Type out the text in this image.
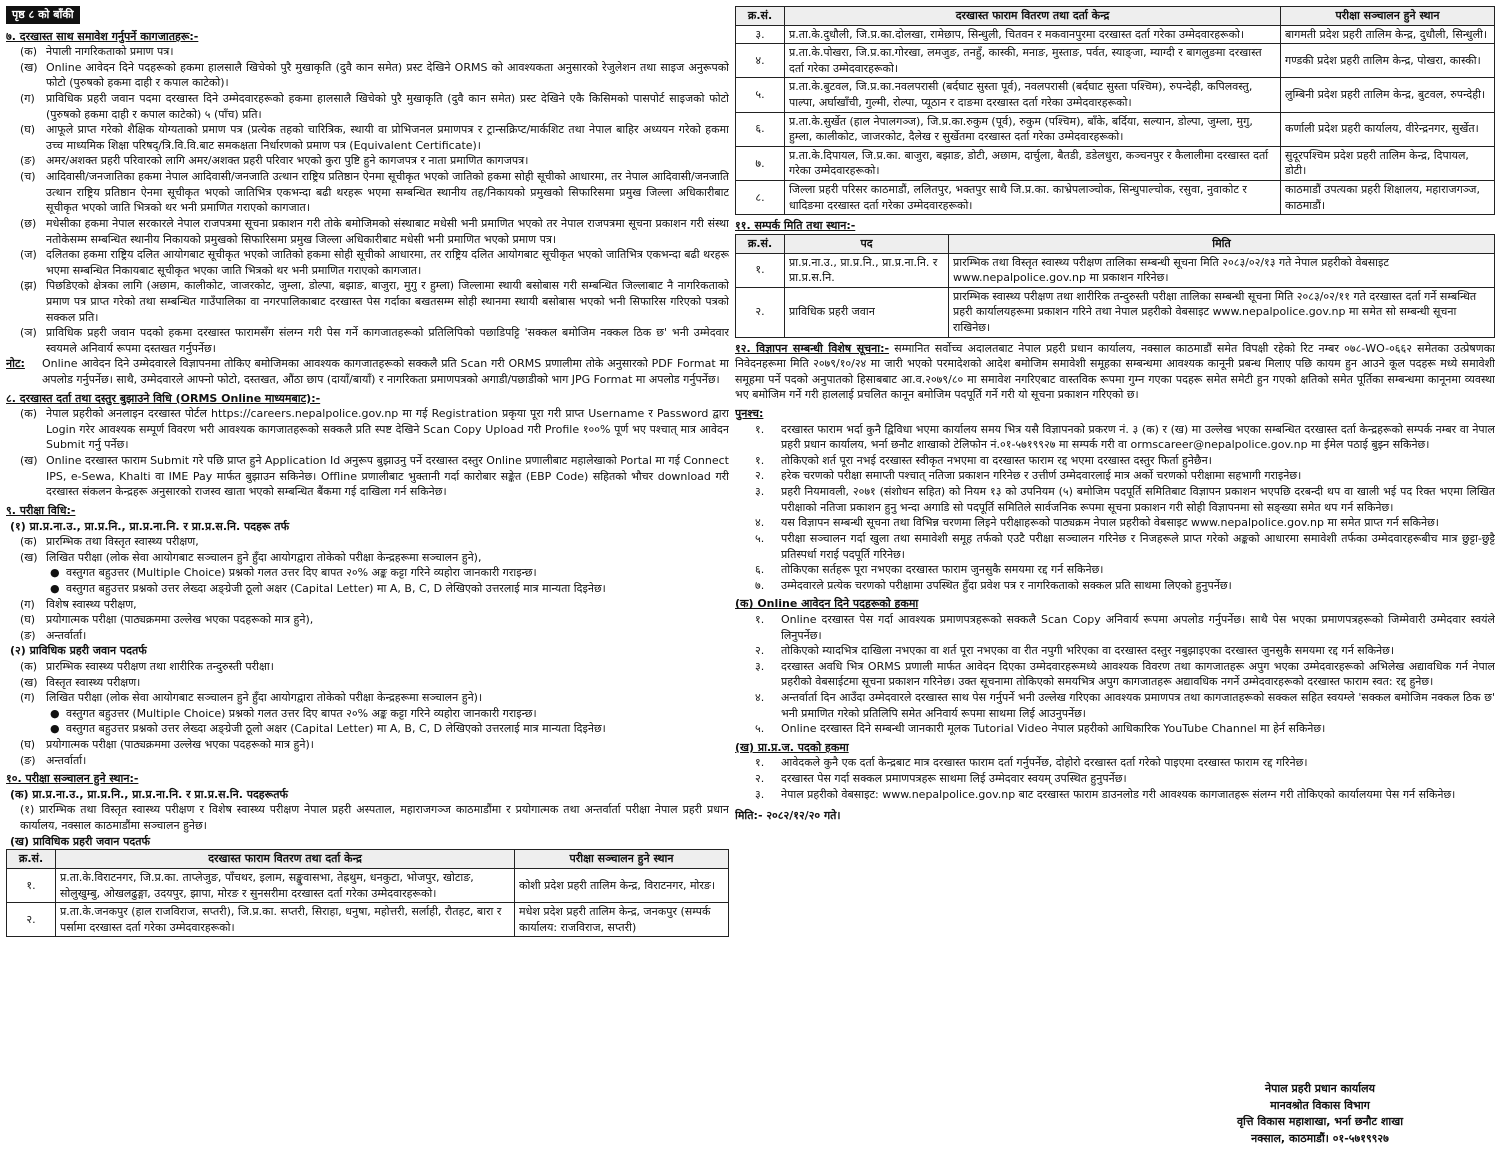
पृष्ठ ८ को बाँकी
७. दरखास्त साथ समावेश गर्नुपर्ने कागजातहरू:-
(क) नेपाली नागरिकताको प्रमाण पत्र।
(ख) Online आवेदन दिने पदहरूको हकमा हालसालै खिचेको पुरै मुखाकृति (दुवै कान समेत) प्रस्ट देखिने ORMS को आवश्यकता अनुसारको रेजुलेशन तथा साइज अनुरूपको फोटो (पुरुषको हकमा दाही र कपाल काटेको)।
(ग)	प्राविधिक प्रहरी जवान पदमा दरखास्त दिने उम्मेदवारहरूको हकमा हालसालै खिचेको पुरै मुखाकृति (दुवै कान समेत) प्रस्ट देखिने एकै किसिमको पासपोर्ट साइजको फोटो (पुरुषको हकमा दाही र कपाल काटेको) ५ (पाँच) प्रति।
(घ) आफूले प्राप्त गरेको शैक्षिक योग्यताको प्रमाण पत्र (प्रत्येक तहको चारित्रिक, स्थायी वा प्रोभिजनल प्रमाणपत्र र ट्रान्सक्रिप्ट/मार्कशिट तथा नेपाल बाहिर अध्ययन गरेको हकमा उच्च माध्यमिक शिक्षा परिषद्/त्रि.वि.वि.बाट समकक्षता निर्धारणको प्रमाण पत्र (Equivalent Certificate)।
(ङ) अमर/अशक्त प्रहरी परिवारको लागि अमर/अशक्त प्रहरी परिवार भएको कुरा पुष्टि हुने कागजपत्र र नाता प्रमाणित कागजपत्र।
(च) आदिवासी/जनजातिका हकमा नेपाल आदिवासी/जनजाति उत्थान राष्ट्रिय प्रतिष्ठान ऐनमा सूचीकृत भएको जातिको हकमा सोही सूचीको आधारमा, तर नेपाल आदिवासी/जनजाति उत्थान राष्ट्रिय प्रतिष्ठान ऐनमा सूचीकृत भएको जातिभित्र एकभन्दा बढी थरहरू भएमा सम्बन्धित स्थानीय तह/निकायको प्रमुखको सिफारिसमा प्रमुख जिल्ला अधिकारीबाट सूचीकृत भएको जाति भित्रको थर भनी प्रमाणित गराएको कागजात।
(छ) मधेसीका हकमा नेपाल सरकारले नेपाल राजपत्रमा सूचना प्रकाशन गरी तोके बमोजिमको संस्थाबाट मधेसी भनी प्रमाणित भएको तर नेपाल राजपत्रमा सूचना प्रकाशन गरी संस्था नतोकेसम्म सम्बन्धित स्थानीय निकायको प्रमुखको सिफारिसमा प्रमुख जिल्ला अधिकारीबाट मधेसी भनी प्रमाणित भएको प्रमाण पत्र।
(ज) दलितका हकमा राष्ट्रिय दलित आयोगबाट सूचीकृत भएको जातिको हकमा सोही सूचीको आधारमा, तर राष्ट्रिय दलित आयोगबाट सूचीकृत भएको जातिभित्र एकभन्दा बढी थरहरू भएमा सम्बन्धित निकायबाट सूचीकृत भएका जाति भित्रको थर भनी प्रमाणित गराएको कागजात।
(झ) पिछडिएको क्षेत्रका लागि (अछाम, कालीकोट, जाजरकोट, जुम्ला, डोल्पा, बझाङ, बाजुरा, मुगु र हुम्ला) जिल्लामा स्थायी बसोबास गरी सम्बन्धित जिल्लाबाट नै नागरिकताको प्रमाण पत्र प्राप्त गरेको तथा सम्बन्धित गाउँपालिका वा नगरपालिकाबाट दरखास्त पेस गर्दाका बखतसम्म सोही स्थानमा स्थायी बसोबास भएको भनी सिफारिस गरिएको पत्रको सक्कल प्रति।
(ञ) प्राविधिक प्रहरी जवान पदको हकमा दरखास्त फारामसँग संलग्न गरी पेस गर्ने कागजातहरूको प्रतिलिपिको पछाडिपट्टि 'सक्कल बमोजिम नक्कल ठिक छ' भनी उम्मेदवार स्वयमले अनिवार्य रूपमा दस्तखत गर्नुपर्नेछ।
नोट:	Online आवेदन दिने उम्मेदवारले विज्ञापनमा तोकिए बमोजिमका आवश्यक कागजातहरूको सक्कलै प्रति Scan गरी ORMS प्रणालीमा तोके अनुसारको PDF Format मा अपलोड गर्नुपर्नेछ। साथै, उम्मेदवारले आफ्नो फोटो, दस्तखत, औंठा छाप (दायाँ/बायाँ) र नागरिकता प्रमाणपत्रको अगाडी/पछाडीको भाग JPG Format मा अपलोड गर्नुपर्नेछ।
८. दरखास्त दर्ता तथा दस्तुर बुझाउने विधि (ORMS Online माध्यमबाट):-
(क) नेपाल प्रहरीको अनलाइन दरखास्त पोर्टल https://careers.nepalpolice.gov.np मा गई Registration प्रकृया पूरा गरी प्राप्त Username र Password द्वारा Login गरेर आवश्यक सम्पूर्ण विवरण भरी आवश्यक कागजातहरूको सक्कलै प्रति स्पष्ट देखिने Scan Copy Upload गरी Profile १००% पूर्ण भए पश्चात् मात्र आवेदन Submit गर्नु पर्नेछ।
(ख) Online दरखास्त फाराम Submit गरे पछि प्राप्त हुने Application Id अनुरूप बुझाउनु पर्ने दरखास्त दस्तुर Online प्रणालीबाट महालेखाको Portal मा गई Connect IPS, e-Sewa, Khalti वा IME Pay मार्फत बुझाउन सकिनेछ। Offline प्रणालीबाट भुक्तानी गर्दा कारोबार सङ्केत (EBP Code) सहितको भौचर download गरी दरखास्त संकलन केन्द्रहरू अनुसारको राजस्व खाता भएको सम्बन्धित बैंकमा गई दाखिला गर्न सकिनेछ।
९. परीक्षा विधि:-
(१) प्रा.प्र.ना.उ., प्रा.प्र.नि., प्रा.प्र.ना.नि. र प्रा.प्र.स.नि. पदहरू तर्फ
(क) प्रारम्भिक तथा विस्तृत स्वास्थ्य परीक्षण,
(ख) लिखित परीक्षा (लोक सेवा आयोगबाट सञ्चालन हुने हुँदा आयोगद्वारा तोकेको परीक्षा केन्द्रहरूमा सञ्चालन हुने),
● वस्तुगत बहुउत्तर (Multiple Choice) प्रश्नको गलत उत्तर दिए बापत २०% अङ्क कट्टा गरिने व्यहोरा जानकारी गराइन्छ।
● वस्तुगत बहुउत्तर प्रश्नको उत्तर लेख्दा अङ्ग्रेजी ठूलो अक्षर (Capital Letter) मा A, B, C, D लेखिएको उत्तरलाई मात्र मान्यता दिइनेछ।
(ग)	विशेष स्वास्थ्य परीक्षण,
(घ) प्रयोगात्मक परीक्षा (पाठ्यक्रममा उल्लेख भएका पदहरूको मात्र हुने),
(ङ) अन्तर्वार्ता।
(२) प्राविधिक प्रहरी जवान पदतर्फ
(क) प्रारम्भिक स्वास्थ्य परीक्षण तथा शारीरिक तन्दुरुस्ती परीक्षा।
(ख) विस्तृत स्वास्थ्य परीक्षण।
(ग)	लिखित परीक्षा (लोक सेवा आयोगबाट सञ्चालन हुने हुँदा आयोगद्वारा तोकेको परीक्षा केन्द्रहरूमा सञ्चालन हुने)।
● वस्तुगत बहुउत्तर (Multiple Choice) प्रश्नको गलत उत्तर दिए बापत २०% अङ्क कट्टा गरिने व्यहोरा जानकारी गराइन्छ।
● वस्तुगत बहुउत्तर प्रश्नको उत्तर लेख्दा अङ्ग्रेजी ठूलो अक्षर (Capital Letter) मा A, B, C, D लेखिएको उत्तरलाई मात्र मान्यता दिइनेछ।
(घ) प्रयोगात्मक परीक्षा (पाठ्यक्रममा उल्लेख भएका पदहरूको मात्र हुने)।
(ङ) अन्तर्वार्ता।
१०. परीक्षा सञ्चालन हुने स्थान:-
(क) प्रा.प्र.ना.उ., प्रा.प्र.नि., प्रा.प्र.ना.नि. र प्रा.प्र.स.नि. पदहरूतर्फ
(१) प्रारम्भिक तथा विस्तृत स्वास्थ्य परीक्षण र विशेष स्वास्थ्य परीक्षण नेपाल प्रहरी अस्पताल, महाराजगञ्ज काठमाडौंमा र प्रयोगात्मक तथा अन्तर्वार्ता परीक्षा नेपाल प्रहरी प्रधान कार्यालय, नक्साल काठमाडौंमा सञ्चालन हुनेछ।
(ख) प्राविधिक प्रहरी जवान पदतर्फ
क्र.सं.	दरखास्त फाराम वितरण तथा दर्ता केन्द्र	परीक्षा सञ्चालन हुने स्थान
१.	प्र.ता.के.विराटनगर, जि.प्र.का. ताप्लेजुङ, पाँचथर, इलाम, सङ्खुवासभा, तेह्रथुम, धनकुटा, भोजपुर, खोटाङ, सोलुखुम्बु, ओखलढुङ्गा, उदयपुर, झापा, मोरङ र सुनसरीमा दरखास्त दर्ता गरेका उम्मेदवारहरूको।	कोशी प्रदेश प्रहरी तालिम केन्द्र, विराटनगर, मोरङ।
२.	प्र.ता.के.जनकपुर (हाल राजविराज, सप्तरी), जि.प्र.का. सप्तरी, सिराहा, धनुषा, महोत्तरी, सर्लाही, रौतहट, बारा र पर्सामा दरखास्त दर्ता गरेका उम्मेदवारहरूको।	मधेश प्रदेश प्रहरी तालिम केन्द्र, जनकपुर (सम्पर्क कार्यालय: राजविराज, सप्तरी)
क्र.सं.	दरखास्त फाराम वितरण तथा दर्ता केन्द्र	परीक्षा सञ्चालन हुने स्थान
३.	प्र.ता.के.दुधौली, जि.प्र.का.दोलखा, रामेछाप, सिन्धुली, चितवन र मकवानपुरमा दरखास्त दर्ता गरेका उम्मेदवारहरूको।	बागमती प्रदेश प्रहरी तालिम केन्द्र, दुधौली, सिन्धुली।
४.	प्र.ता.के.पोखरा, जि.प्र.का.गोरखा, लमजुङ, तनहुँ, कास्की, मनाङ, मुस्ताङ, पर्वत, स्याङ्जा, म्याग्दी र बागलुङमा दरखास्त दर्ता गरेका उम्मेदवारहरूको।	गण्डकी प्रदेश प्रहरी तालिम केन्द्र, पोखरा, कास्की।
५.	प्र.ता.के.बुटवल, जि.प्र.का.नवलपरासी (बर्दघाट सुस्ता पूर्व), नवलपरासी (बर्दघाट सुस्ता पश्चिम), रुपन्देही, कपिलवस्तु, पाल्पा, अर्घाखाँची, गुल्मी, रोल्पा, प्यूठान र दाङमा दरखास्त दर्ता गरेका उम्मेदवारहरूको।	लुम्बिनी प्रदेश प्रहरी तालिम केन्द्र, बुटवल, रुपन्देही।
६.	प्र.ता.के.सुर्खेत (हाल नेपालगञ्ज), जि.प्र.का.रुकुम (पूर्व), रुकुम (पश्चिम), बाँके, बर्दिया, सल्यान, डोल्पा, जुम्ला, मुगु, हुम्ला, कालीकोट, जाजरकोट, दैलेख र सुर्खेतमा दरखास्त दर्ता गरेका उम्मेदवारहरूको।	कर्णाली प्रदेश प्रहरी कार्यालय, वीरेन्द्रनगर, सुर्खेत।
७.	प्र.ता.के.दिपायल, जि.प्र.का. बाजुरा, बझाङ, डोटी, अछाम, दार्चुला, बैतडी, डडेलधुरा, कञ्चनपुर र कैलालीमा दरखास्त दर्ता गरेका उम्मेदवारहरूको।	सुदूरपश्चिम प्रदेश प्रहरी तालिम केन्द्र, दिपायल, डोटी।
८.	जिल्ला प्रहरी परिसर काठमाडौं, ललितपुर, भक्तपुर साथै जि.प्र.का. काभ्रेपलाञ्चोक, सिन्धुपाल्चोक, रसुवा, नुवाकोट र धादिङमा दरखास्त दर्ता गरेका उम्मेदवारहरूको।	काठमाडौं उपत्यका प्रहरी शिक्षालय, महाराजगञ्ज, काठमाडौं।
११. सम्पर्क मिति तथा स्थान:-
क्र.सं.	पद	मिति
१.	प्रा.प्र.ना.उ., प्रा.प्र.नि., प्रा.प्र.ना.नि. र प्रा.प्र.स.नि.	प्रारम्भिक तथा विस्तृत स्वास्थ्य परीक्षण तालिका सम्बन्धी सूचना मिति २०८३/०२/१३ गते नेपाल प्रहरीको वेबसाइट www.nepalpolice.gov.np मा प्रकाशन गरिनेछ।
२.	प्राविधिक प्रहरी जवान	प्रारम्भिक स्वास्थ्य परीक्षण तथा शारीरिक तन्दुरुस्ती परीक्षा तालिका सम्बन्धी सूचना मिति २०८३/०२/११ गते दरखास्त दर्ता गर्ने सम्बन्धित प्रहरी कार्यालयहरूमा प्रकाशन गरिने तथा नेपाल प्रहरीको वेबसाइट www.nepalpolice.gov.np मा समेत सो सम्बन्धी सूचना राखिनेछ।
१२. विज्ञापन सम्बन्धी विशेष सूचना:- सम्मानित सर्वोच्च अदालतबाट नेपाल प्रहरी प्रधान कार्यालय, नक्साल काठमाडौं समेत विपक्षी रहेको रिट नम्बर ०७८-WO-०६६२ समेतका उत्प्रेषणका निवेदनहरूमा मिति २०७९/१०/२४ मा जारी भएको परमादेशको आदेश बमोजिम समावेशी समूहका सम्बन्धमा आवश्यक कानूनी प्रबन्ध मिलाए पछि कायम हुन आउने कूल पदहरू मध्ये समावेशी समूहमा पर्ने पदको अनुपातको हिसाबबाट आ.व.२०७९/८० मा समावेश नगरिएबाट वास्तविक रूपमा गुम्न गएका पदहरू समेत समेटी हुन गएको क्षतिको समेत पूर्तिका सम्बन्धमा कानूनमा व्यवस्था भए बमोजिम गर्ने गरी हाललाई प्रचलित कानून बमोजिम पदपूर्ति गर्ने गरी यो सूचना प्रकाशन गरिएको छ।
पुनश्च:
१.	दरखास्त फाराम भर्दा कुनै द्विविधा भएमा कार्यालय समय भित्र यसै विज्ञापनको प्रकरण नं. ३ (क) र (ख) मा उल्लेख भएका सम्बन्धित दरखास्त दर्ता केन्द्रहरूको सम्पर्क नम्बर वा नेपाल प्रहरी प्रधान कार्यालय, भर्ना छनौट शाखाको टेलिफोन नं.०१-५७१९९२७ मा सम्पर्क गरी वा ormscareer@nepalpolice.gov.np मा ईमेल पठाई बुझ्न सकिनेछ।
१.	तोकिएको शर्त पूरा नभई दरखास्त स्वीकृत नभएमा वा दरखास्त फाराम रद्द भएमा दरखास्त दस्तुर फिर्ता हुनेछैन।
२.	हरेक चरणको परीक्षा समाप्ती पश्चात् नतिजा प्रकाशन गरिनेछ र उत्तीर्ण उम्मेदवारलाई मात्र अर्को चरणको परीक्षामा सहभागी गराइनेछ।
३.	प्रहरी नियमावली, २०७१ (संशोधन सहित) को नियम १३ को उपनियम (५) बमोजिम पदपूर्ति समितिबाट विज्ञापन प्रकाशन भएपछि दरबन्दी थप वा खाली भई पद रिक्त भएमा लिखित परीक्षाको नतिजा प्रकाशन हुनु भन्दा अगाडि सो पदपूर्ति समितिले सार्वजनिक रूपमा सूचना प्रकाशन गरी सोही विज्ञापनमा सो सङ्ख्या समेत थप गर्न सकिनेछ।
४.	यस विज्ञापन सम्बन्धी सूचना तथा विभिन्न चरणमा लिइने परीक्षाहरूको पाठ्यक्रम नेपाल प्रहरीको वेबसाइट www.nepalpolice.gov.np मा समेत प्राप्त गर्न सकिनेछ।
५.	परीक्षा सञ्चालन गर्दा खुला तथा समावेशी समूह तर्फको एउटै परीक्षा सञ्चालन गरिनेछ र निजहरूले प्राप्त गरेको अङ्कको आधारमा समावेशी तर्फका उम्मेदवारहरूबीच मात्र छुट्टा-छुट्टै प्रतिस्पर्धा गराई पदपूर्ति गरिनेछ।
६.	तोकिएका सर्तहरू पूरा नभएका दरखास्त फाराम जुनसुकै समयमा रद्द गर्न सकिनेछ।
७.	उम्मेदवारले प्रत्येक चरणको परीक्षामा उपस्थित हुँदा प्रवेश पत्र र नागरिकताको सक्कल प्रति साथमा लिएको हुनुपर्नेछ।
(क) Online आवेदन दिने पदहरूको हकमा
१.	Online दरखास्त पेस गर्दा आवश्यक प्रमाणपत्रहरूको सक्कलै Scan Copy अनिवार्य रूपमा अपलोड गर्नुपर्नेछ। साथै पेस भएका प्रमाणपत्रहरूको जिम्मेवारी उम्मेदवार स्वयंले लिनुपर्नेछ।
२.	तोकिएको म्यादभित्र दाखिला नभएका वा शर्त पूरा नभएका वा रीत नपुगी भरिएका वा दरखास्त दस्तुर नबुझाइएका दरखास्त जुनसुकै समयमा रद्द गर्न सकिनेछ।
३.	दरखास्त अवधि भित्र ORMS प्रणाली मार्फत आवेदन दिएका उम्मेदवारहरूमध्ये आवश्यक विवरण तथा कागजातहरू अपुग भएका उम्मेदवारहरूको अभिलेख अद्यावधिक गर्न नेपाल प्रहरीको वेबसाईटमा सूचना प्रकाशन गरिनेछ। उक्त सूचनामा तोकिएको समयभित्र अपुग कागजातहरू अद्यावधिक नगर्ने उम्मेदवारहरूको दरखास्त फाराम स्वत: रद्द हुनेछ।
४.	अन्तर्वार्ता दिन आउँदा उम्मेदवारले दरखास्त साथ पेस गर्नुपर्ने भनी उल्लेख गरिएका आवश्यक प्रमाणपत्र तथा कागजातहरूको सक्कल सहित स्वयम्ले 'सक्कल बमोजिम नक्कल ठिक छ' भनी प्रमाणित गरेको प्रतिलिपि समेत अनिवार्य रूपमा साथमा लिई आउनुपर्नेछ।
५.	Online दरखास्त दिने सम्बन्धी जानकारी मूलक Tutorial Video नेपाल प्रहरीको आधिकारिक YouTube Channel मा हेर्न सकिनेछ।
(ख) प्रा.प्र.ज. पदको हकमा
१.	आवेदकले कुनै एक दर्ता केन्द्रबाट मात्र दरखास्त फाराम दर्ता गर्नुपर्नेछ, दोहोरो दरखास्त दर्ता गरेको पाइएमा दरखास्त फाराम रद्द गरिनेछ।
२.	दरखास्त पेस गर्दा सक्कल प्रमाणपत्रहरू साथमा लिई उम्मेदवार स्वयम् उपस्थित हुनुपर्नेछ।
३.	नेपाल प्रहरीको वेबसाइट: www.nepalpolice.gov.np बाट दरखास्त फाराम डाउनलोड गरी आवश्यक कागजातहरू संलग्न गरी तोकिएको कार्यालयमा पेस गर्न सकिनेछ।
मिति:- २०८२/१२/२० गते।
नेपाल प्रहरी प्रधान कार्यालय
मानवश्रोत विकास विभाग
वृत्ति विकास महाशाखा, भर्ना छनौट शाखा
नक्साल, काठमाडौं। ०१-५७१९९२७
